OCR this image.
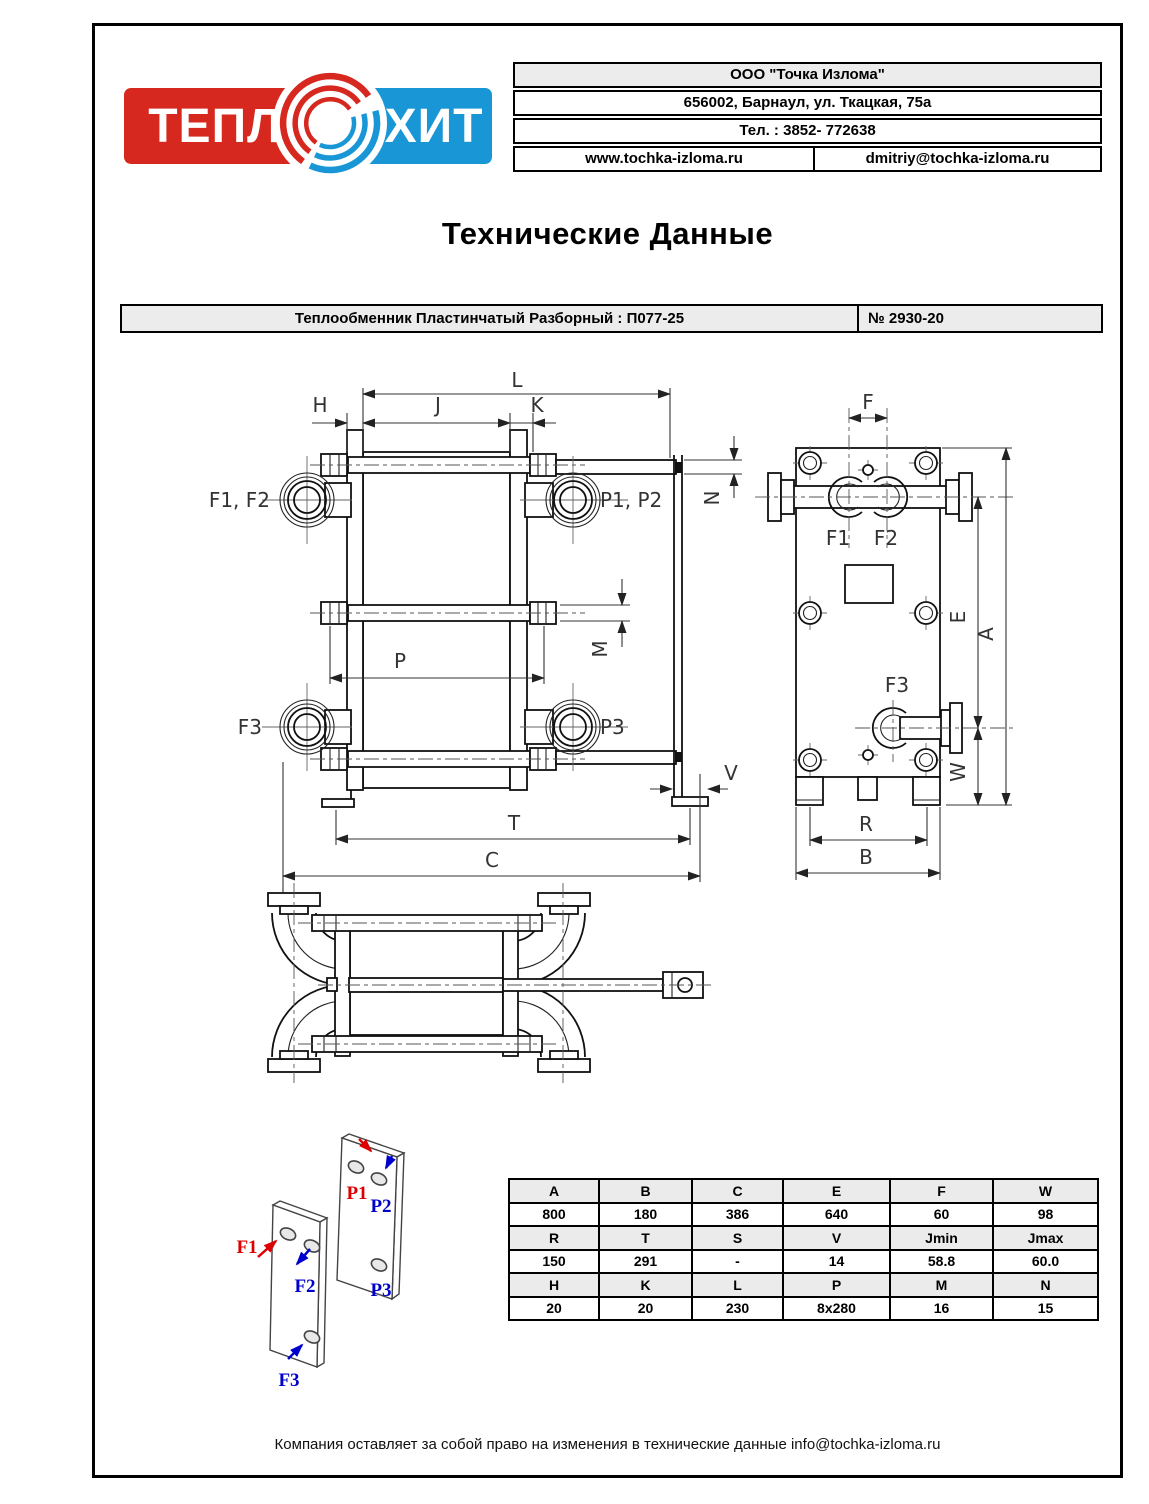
ТЕПЛ ХИТ
ООО "Точка Излома"
656002, Барнаул, ул. Ткацкая, 75а
Тел. : 3852- 772638
www.tochka-izloma.ru	dmitriy@tochka-izloma.ru
Технические Данные
Теплообменник Пластинчатый Разборный : П077-25	№ 2930-20
F1, F2	P1, P2
F3	P3
L
H	J	K
N
M
P
V
T
C
F1 F2
F3
F
E
W
A
R
B
P1
P2
P3
F1
F2
F3
A	B	C	E	F	W
800	180	386	640	60	98
R	T	S	V	Jmin	Jmax
150	291	-	14	58.8	60.0
H	K	L	P	M	N
20	20	230	8x280	16	15
Компания оставляет за собой право на изменения в технические данные info@tochka-izloma.ru
